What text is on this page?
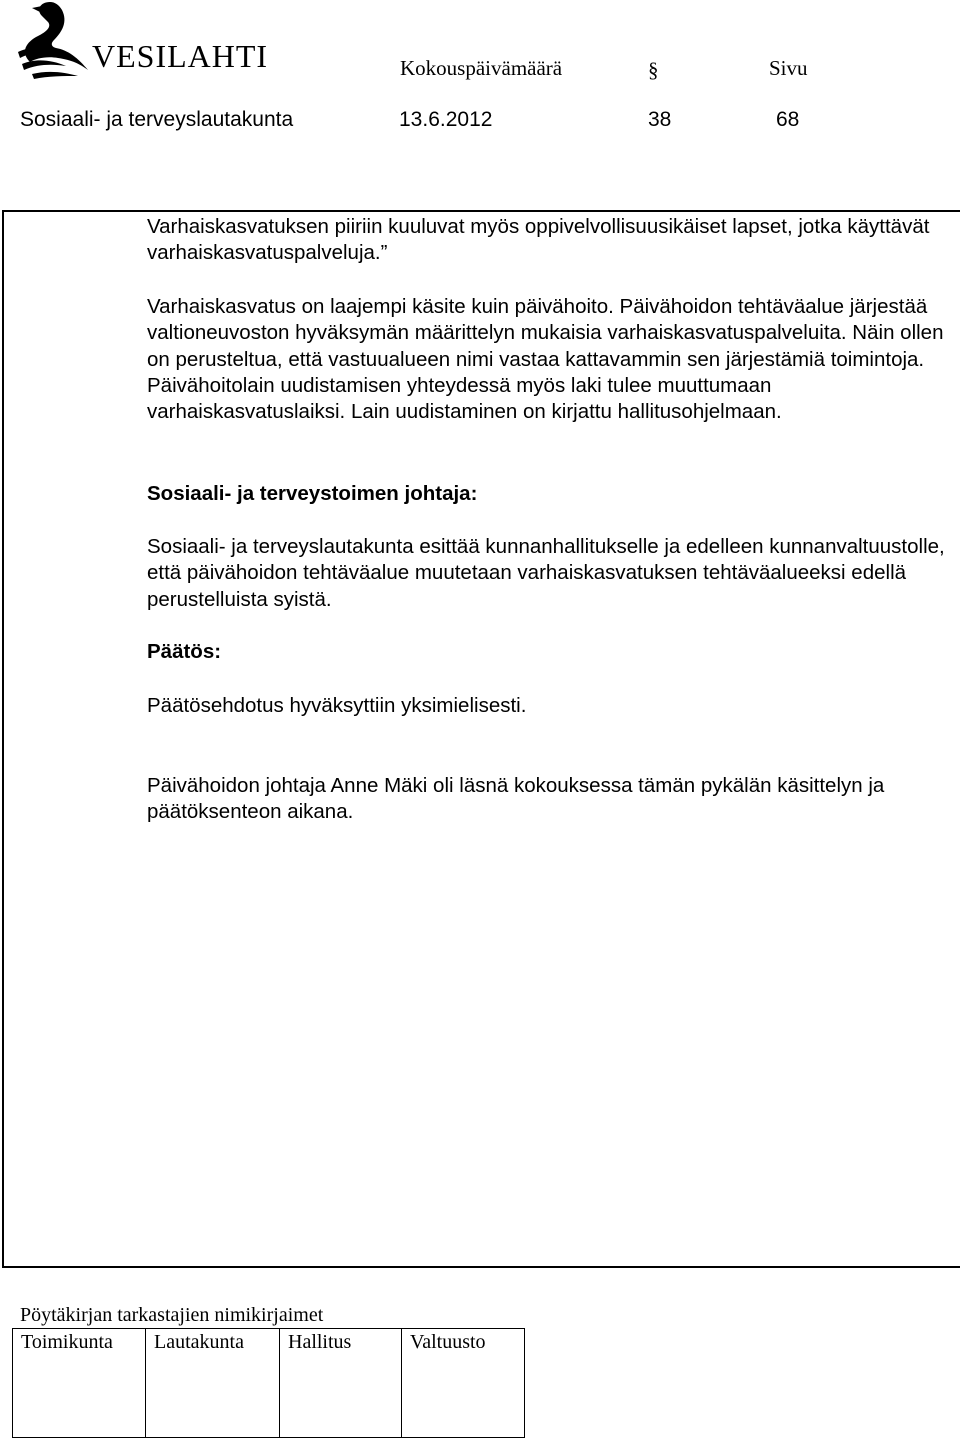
VESILAHTI	Kokouspäivämäärä	§	Sivu
Sosiaali- ja terveyslautakunta	13.6.2012	38	68
Varhaiskasvatuksen piiriin kuuluvat myös oppivelvollisuusikäiset lapset, jotka käyttävät varhaiskasvatuspalveluja.”
Varhaiskasvatus on laajempi käsite kuin päivähoito. Päivähoidon tehtäväalue järjestää valtioneuvoston hyväksymän määrittelyn mukaisia varhaiskasvatuspalveluita. Näin ollen on perusteltua, että vastuualueen nimi vastaa kattavammin sen järjestämiä toimintoja. Päivähoitolain uudistamisen yhteydessä myös laki tulee muuttumaan varhaiskasvatuslaiksi. Lain uudistaminen on kirjattu hallitusohjelmaan.
Sosiaali- ja terveystoimen johtaja:
Sosiaali- ja terveyslautakunta esittää kunnanhallitukselle ja edelleen kunnanvaltuustolle, että päivähoidon tehtäväalue muutetaan varhaiskasvatuksen tehtäväalueeksi edellä perustelluista syistä.
Päätös:
Päätösehdotus hyväksyttiin yksimielisesti.
Päivähoidon johtaja Anne Mäki oli läsnä kokouksessa tämän pykälän käsittelyn ja päätöksenteon aikana.
Pöytäkirjan tarkastajien nimikirjaimet
Toimikunta	Lautakunta	Hallitus	Valtuusto
